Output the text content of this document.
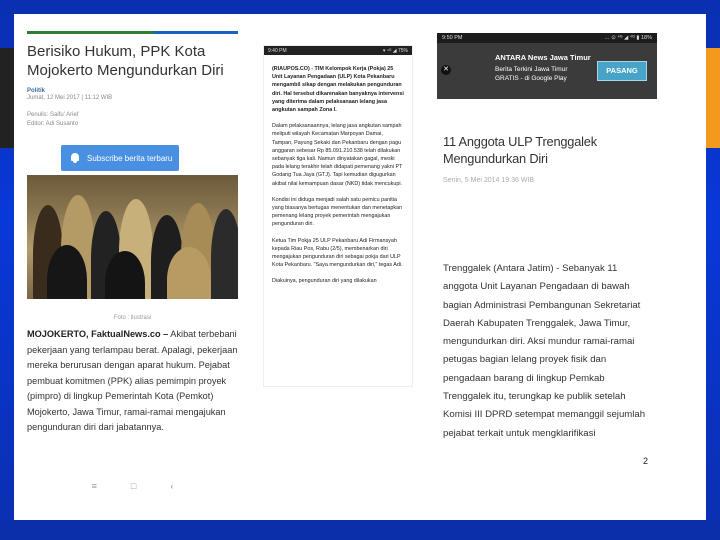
Berisiko Hukum, PPK Kota Mojokerto Mengundurkan Diri
Politik
Jumat, 12 Mei 2017 | 11:12 WIB
Penulis: Saifu' Arief
Editor: Adi Susanto
Subscribe berita terbaru
Foto : ilustrasi
MOJOKERTO, FaktualNews.co – Akibat terbebani pekerjaan yang terlampau berat. Apalagi, pekerjaan mereka berurusan dengan aparat hukum. Pejabat pembuat komitmen (PPK) alias pemimpin proyek (pimpro) di lingkup Pemerintah Kota (Pemkot) Mojokerto, Jawa Timur, ramai-ramai mengajukan pengunduran diri dari jabatannya.
≡	□	‹
9:40 PM	▾ ⁴ᴳ ◢ 75%

(RIAUPOS.CO) - TIM Kelompok Kerja (Pokja) 25 Unit Layanan Pengadaan (ULP) Kota Pekanbaru mengambil sikap dengan melakukan pengunduran diri. Hal tersebut dikarenakan banyaknya intervensi yang diterima dalam pelaksanaan lelang jasa angkutan sampah Zona I.

Dalam pelaksanaannya, lelang jasa angkutan sampah meliputi wilayah Kecamatan Marpoyan Damai, Tampan, Payung Sekaki dan Pekanbaru dengan pagu anggaran sebesar Rp 85.091.210.538 telah dilakukan sebanyak tiga kali. Namun dinyatakan gagal, meski pada lelang terakhir telah didapati pemenang yakni PT Godang Tua Jaya (GTJ). Tapi kemudian digugurkan akibat nilai kemampuan dasar (NKD) tidak mencukupi.

Kondisi ini diduga menjadi salah satu pemicu panitia yang biasanya bertugas menentukan dan menetapkan pemenang lelang proyek pemerintah mengajukan pengunduran diri.

Ketua Tim Pokja 25 ULP Pekanbaru Adi Firmansyah kepada Riau Pos, Rabu (2/5), membenarkan diri mengajukan pengunduran diri sebagai pokja dari ULP Kota Pekanbaru. "Saya mengundurkan diri," tegas Adi.

Diakuinya, pengunduran diri yang dilakukan

9:50 PM	… ⊙ ⁴ᴳ ◢ ⁴ᴳ ▮ 18%
✕
ANTARA News Jawa Timur
Berita Terkini Jawa Timur
GRATIS - di Google Play
PASANG
11 Anggota ULP Trenggalek Mengundurkan Diri
Senin, 5 Mei 2014 19:36 WIB
Trenggalek (Antara Jatim) - Sebanyak 11 anggota Unit Layanan Pengadaan di bawah bagian Administrasi Pembangunan Sekretariat Daerah Kabupaten Trenggalek, Jawa Timur, mengundurkan diri. Aksi mundur ramai-ramai petugas bagian lelang proyek fisik dan pengadaan barang di lingkup Pemkab Trenggalek itu, terungkap ke publik setelah Komisi III DPRD setempat memanggil sejumlah pejabat terkait untuk mengklarifikasi
2
